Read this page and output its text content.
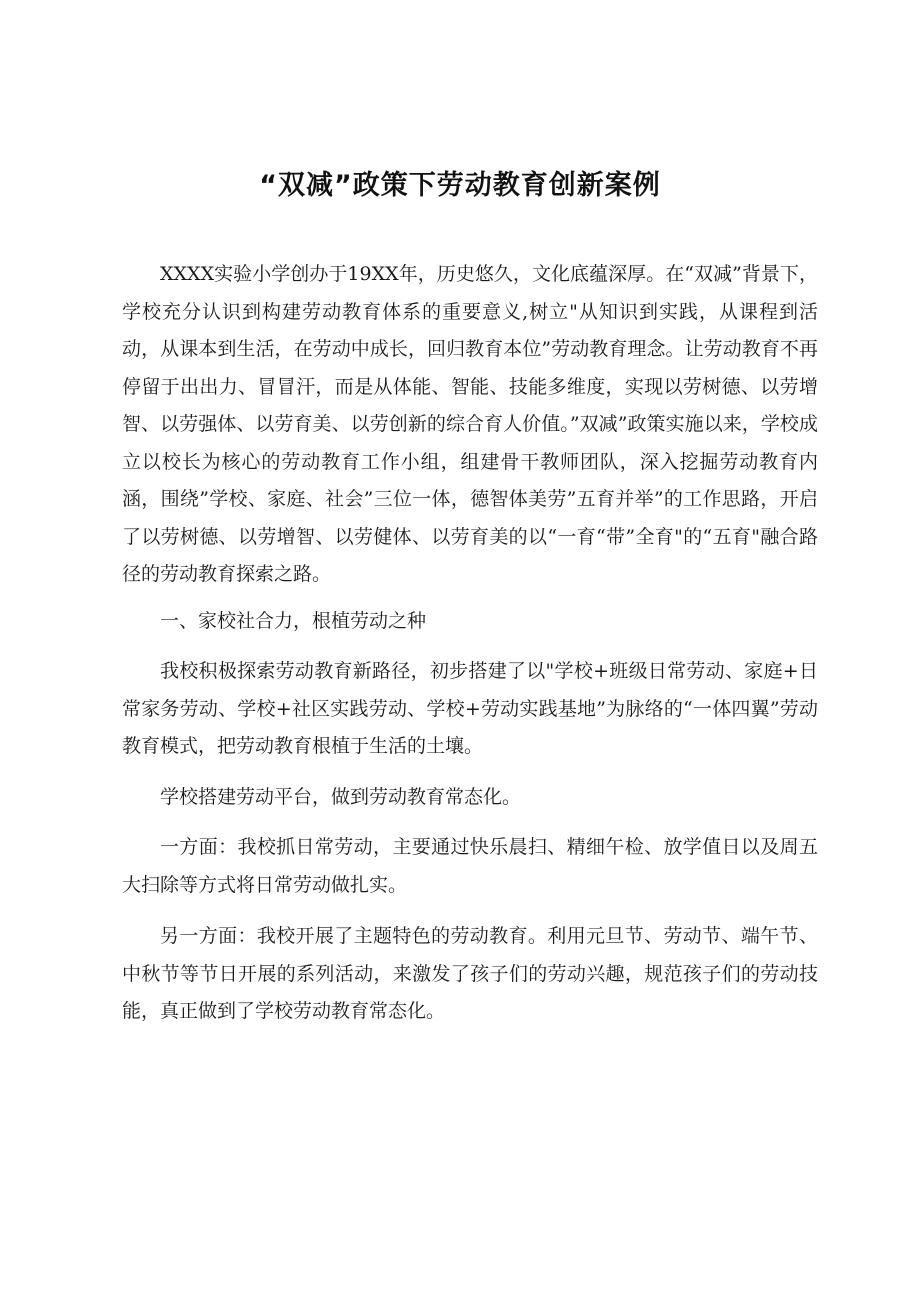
“双减”政策下劳动教育创新案例

XXXX实验小学创办于19XX年，历史悠久，文化底蕴深厚。在“双减”背景下，学校充分认识到构建劳动教育体系的重要意义,树立"从知识到实践，从课程到活动，从课本到生活，在劳动中成长，回归教育本位”劳动教育理念。让劳动教育不再停留于出出力、冒冒汗，而是从体能、智能、技能多维度，实现以劳树德、以劳增智、以劳强体、以劳育美、以劳创新的综合育人价值。”双减”政策实施以来，学校成立以校长为核心的劳动教育工作小组，组建骨干教师团队，深入挖掘劳动教育内涵，围绕”学校、家庭、社会”三位一体，德智体美劳”五育并举”的工作思路，开启了以劳树德、以劳增智、以劳健体、以劳育美的以“一育“带”全育"的“五育"融合路径的劳动教育探索之路。

一、家校社合力，根植劳动之种

我校积极探索劳动教育新路径，初步搭建了以"学校+班级日常劳动、家庭+日常家务劳动、学校+社区实践劳动、学校+劳动实践基地”为脉络的“一体四翼”劳动教育模式，把劳动教育根植于生活的土壤。

学校搭建劳动平台，做到劳动教育常态化。

一方面：我校抓日常劳动，主要通过快乐晨扫、精细午检、放学值日以及周五大扫除等方式将日常劳动做扎实。

另一方面：我校开展了主题特色的劳动教育。利用元旦节、劳动节、端午节、中秋节等节日开展的系列活动，来激发了孩子们的劳动兴趣，规范孩子们的劳动技能，真正做到了学校劳动教育常态化。
